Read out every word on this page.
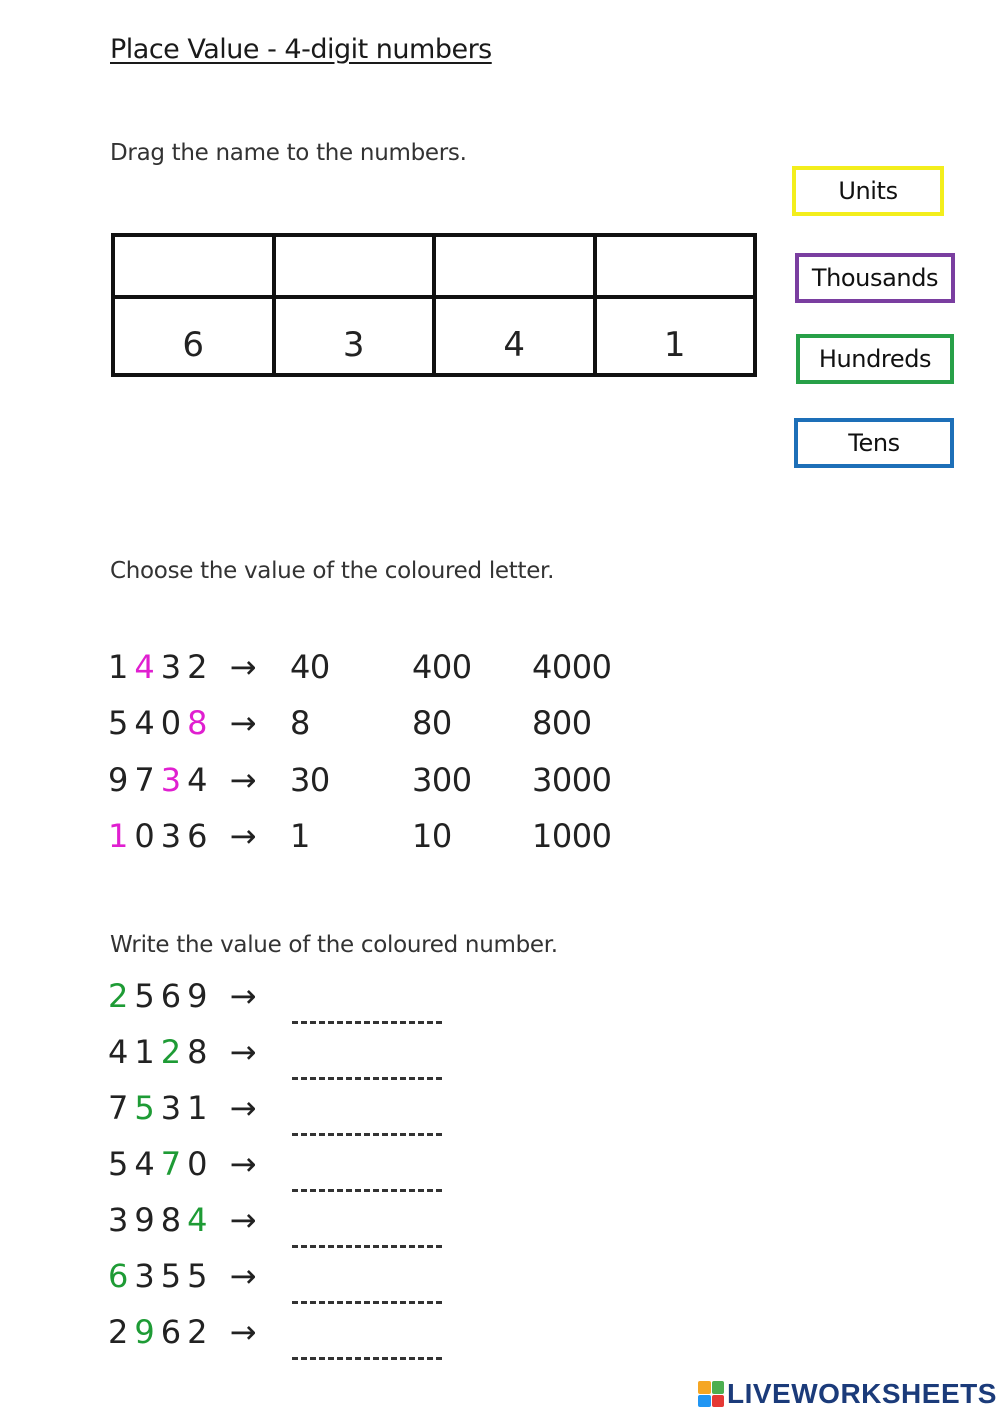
Place Value - 4-digit numbers
Drag the name to the numbers.

6	3	4	1
Units
Thousands
Hundreds
Tens
Choose the value of the coloured letter.
1432 → 40	400 4000
5408 → 8	80	800
9734 → 30	300 3000
1036 → 1	10	1000
Write the value of the coloured number.
2569 →
4128 →
7531 →
5470 →
3984 →
6355 →
2962 →
LIVEWORKSHEETS
